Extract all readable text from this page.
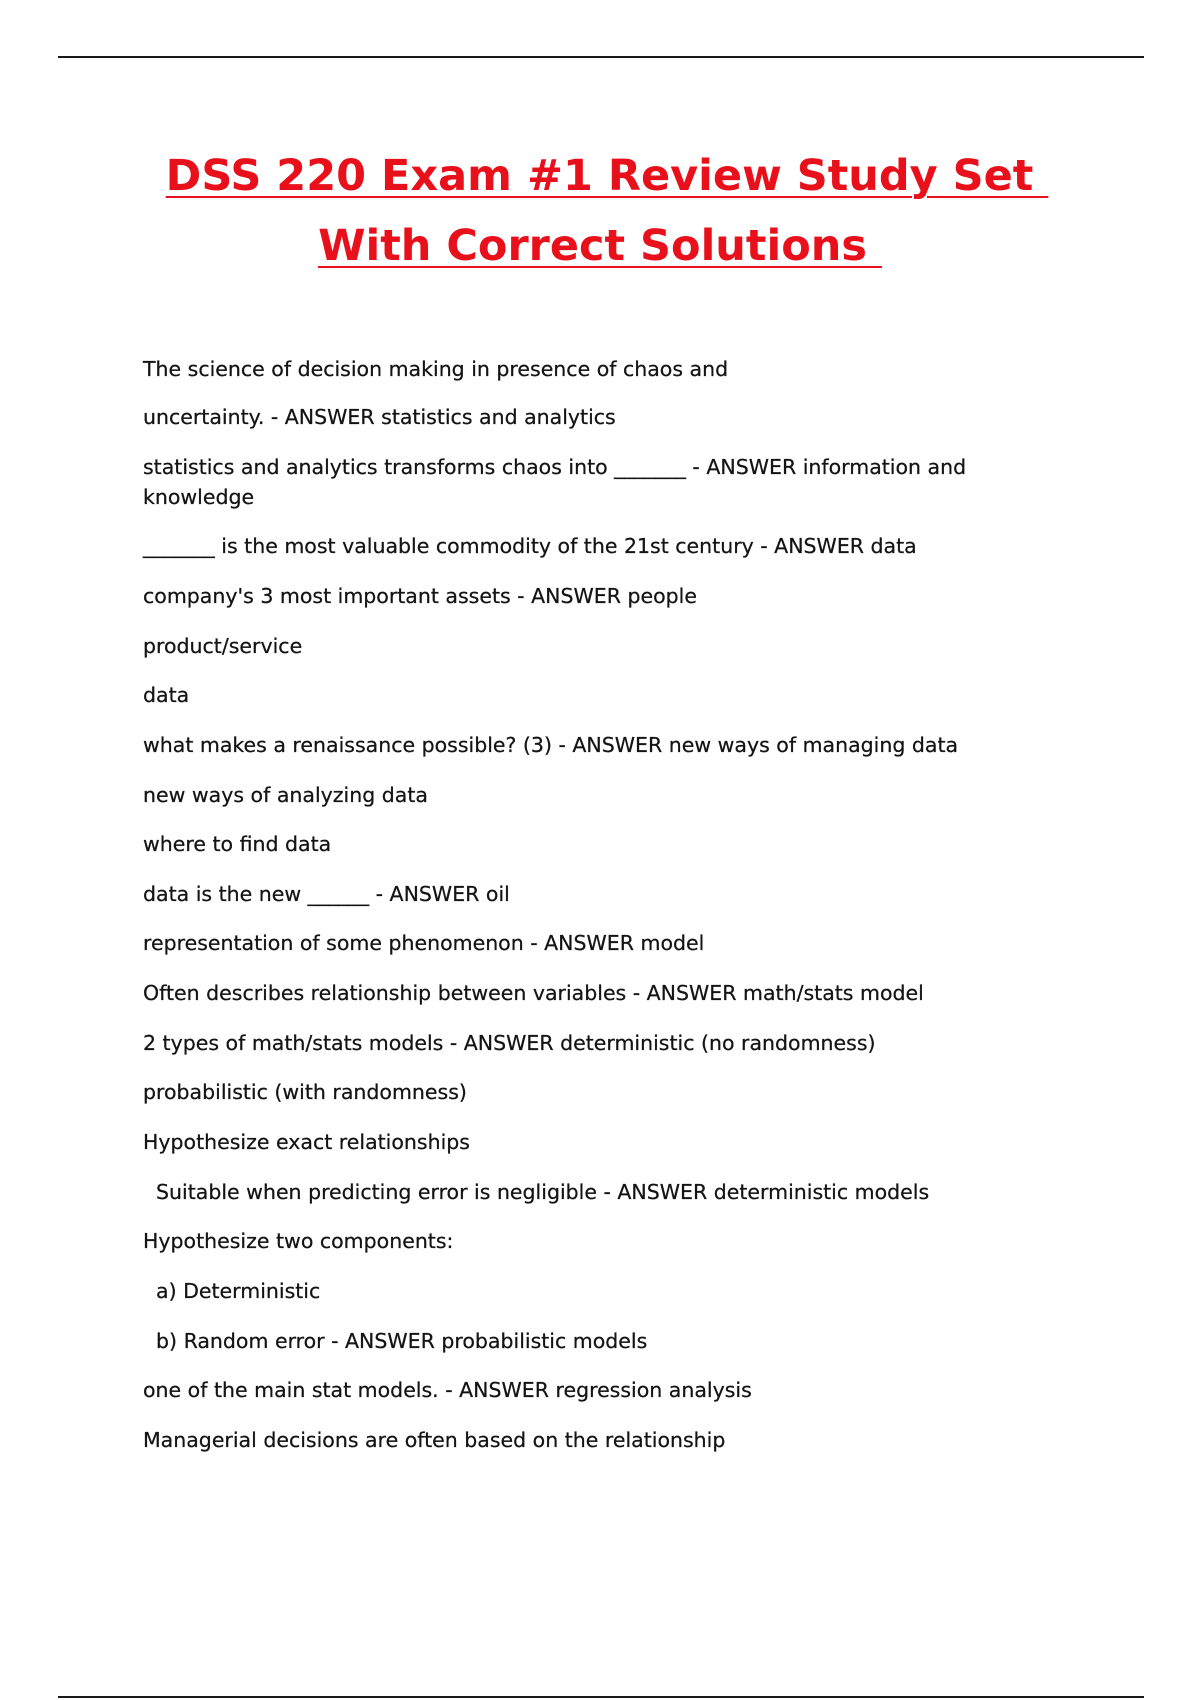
DSS 220 Exam #1 Review Study Set
With Correct Solutions
The science of decision making in presence of chaos and
uncertainty. - ANSWER statistics and analytics
statistics and analytics transforms chaos into _______ - ANSWER information and knowledge
_______ is the most valuable commodity of the 21st century - ANSWER data
company's 3 most important assets - ANSWER people
product/service
data
what makes a renaissance possible? (3) - ANSWER new ways of managing data
new ways of analyzing data
where to find data
data is the new ______ - ANSWER oil
representation of some phenomenon - ANSWER model
Often describes relationship between variables - ANSWER math/stats model
2 types of math/stats models - ANSWER deterministic (no randomness)
probabilistic (with randomness)
Hypothesize exact relationships
Suitable when predicting error is negligible - ANSWER deterministic models
Hypothesize two components:
a) Deterministic
b) Random error - ANSWER probabilistic models
one of the main stat models. - ANSWER regression analysis
Managerial decisions are often based on the relationship
